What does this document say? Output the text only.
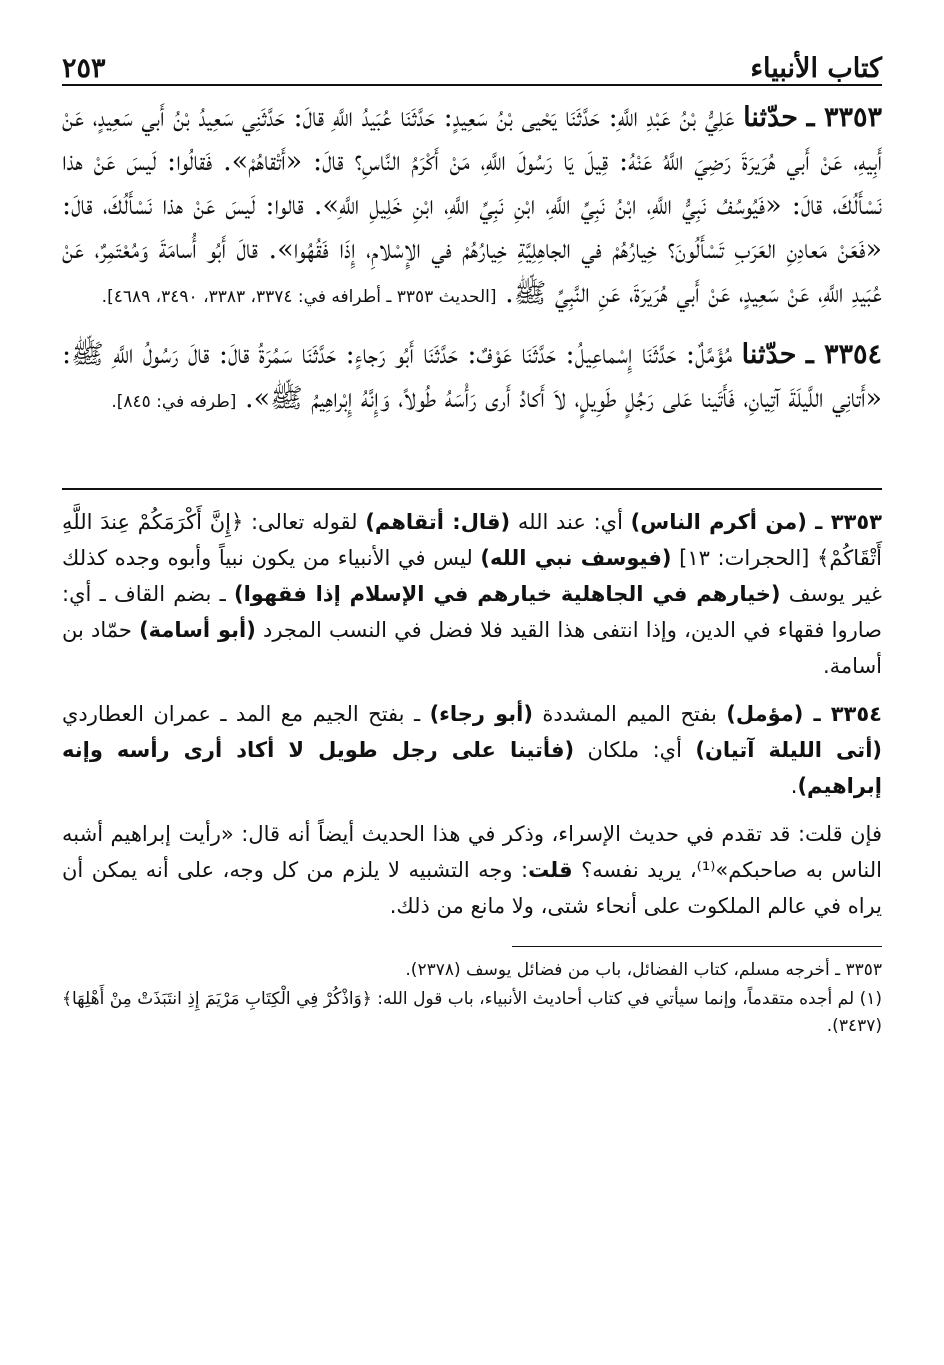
كتاب الأنبياء
٢٥٣

٣٣٥٣ ـ حدّثنا عَلِيُّ بْنُ عَبْدِ اللَّهِ: حَدَّثَنَا يَحْيى بْنُ سَعِيدٍ: حَدَّثَنَا عُبَيدُ اللَّهِ قالَ: حَدَّثَنِي سَعِيدُ بْنُ أَبي سَعِيدٍ، عَنْ أَبِيهِ، عَنْ أَبي هُرَيرَةَ رَضِيَ اللَّهُ عَنْهُ: قِيلَ يَا رَسُولَ اللَّهِ، مَنْ أَكْرَمُ النَّاسِ؟ قالَ: «أَتْقاهُمْ». فَقالُوا: لَيسَ عَنْ هذا نَسْأَلُكَ، قالَ: «فَيُوسُفُ نَبِيُّ اللَّهِ، ابْنُ نَبِيِّ اللَّهِ، ابْنِ نَبِيِّ اللَّهِ، ابْنِ خَلِيلِ اللَّهِ». قالوا: لَيسَ عَنْ هذا نَسْأَلُكَ، قالَ: «فَعَنْ مَعادِنِ العَرَبِ تَسْأَلُونَ؟ خِيارُهُمْ في الجاهِلِيَّةِ خِيارُهُمْ في الإِسْلامِ، إِذَا فَقُهُوا». قالَ أَبُو أُسامَةَ وَمُعْتَمِرٌ، عَنْ عُبَيدِ اللَّهِ، عَنْ سَعِيدٍ، عَنْ أَبي هُرَيرَةَ، عَنِ النَّبِيِّ ﷺ. [الحديث ٣٣٥٣ ـ أطرافه في: ٣٣٧٤، ٣٣٨٣، ٣٤٩٠، ٤٦٨٩].

٣٣٥٤ ـ حدّثنا مُؤَمَّلٌ: حَدَّثَنَا إِسْماعِيلُ: حَدَّثَنَا عَوْفٌ: حَدَّثَنَا أَبُو رَجاءٍ: حَدَّثَنَا سَمُرَةُ قالَ: قالَ رَسُولُ اللَّهِ ﷺ: «أَتانِي اللَّيلَةَ آتِيانِ، فَأَتَينا عَلى رَجُلٍ طَوِيلٍ، لاَ أَكادُ أَرى رَأْسَهُ طُولاً، وَإِنَّهُ إِبْراهِيمُ ﷺ». [طرفه في: ٨٤٥].

٣٣٥٣ ـ (من أكرم الناس) أي: عند الله (قال: أتقاهم) لقوله تعالى: ﴿إِنَّ أَكْرَمَكُمْ عِندَ اللَّهِ أَتْقَاكُمْ﴾ [الحجرات: ١٣] (فيوسف نبي الله) ليس في الأنبياء من يكون نبياً وأبوه وجده كذلك غير يوسف (خيارهم في الجاهلية خيارهم في الإسلام إذا فقهوا) ـ بضم القاف ـ أي: صاروا فقهاء في الدين، وإذا انتفى هذا القيد فلا فضل في النسب المجرد (أبو أسامة) حمّاد بن أسامة.

٣٣٥٤ ـ (مؤمل) بفتح الميم المشددة (أبو رجاء) ـ بفتح الجيم مع المد ـ عمران العطاردي (أتى الليلة آتيان) أي: ملكان (فأتينا على رجل طويل لا أكاد أرى رأسه وإنه إبراهيم).

فإن قلت: قد تقدم في حديث الإسراء، وذكر في هذا الحديث أيضاً أنه قال: «رأيت إبراهيم أشبه الناس به صاحبكم»⁽¹⁾، يريد نفسه؟ قلت: وجه التشبيه لا يلزم من كل وجه، على أنه يمكن أن يراه في عالم الملكوت على أنحاء شتى، ولا مانع من ذلك.

٣٣٥٣ ـ أخرجه مسلم، كتاب الفضائل، باب من فضائل يوسف (٢٣٧٨).

(١) لم أجده متقدماً، وإنما سيأتي في كتاب أحاديث الأنبياء، باب قول الله: ﴿وَاذْكُرْ فِي الْكِتَابِ مَرْيَمَ إِذِ انتَبَذَتْ مِنْ أَهْلِهَا﴾ (٣٤٣٧).
